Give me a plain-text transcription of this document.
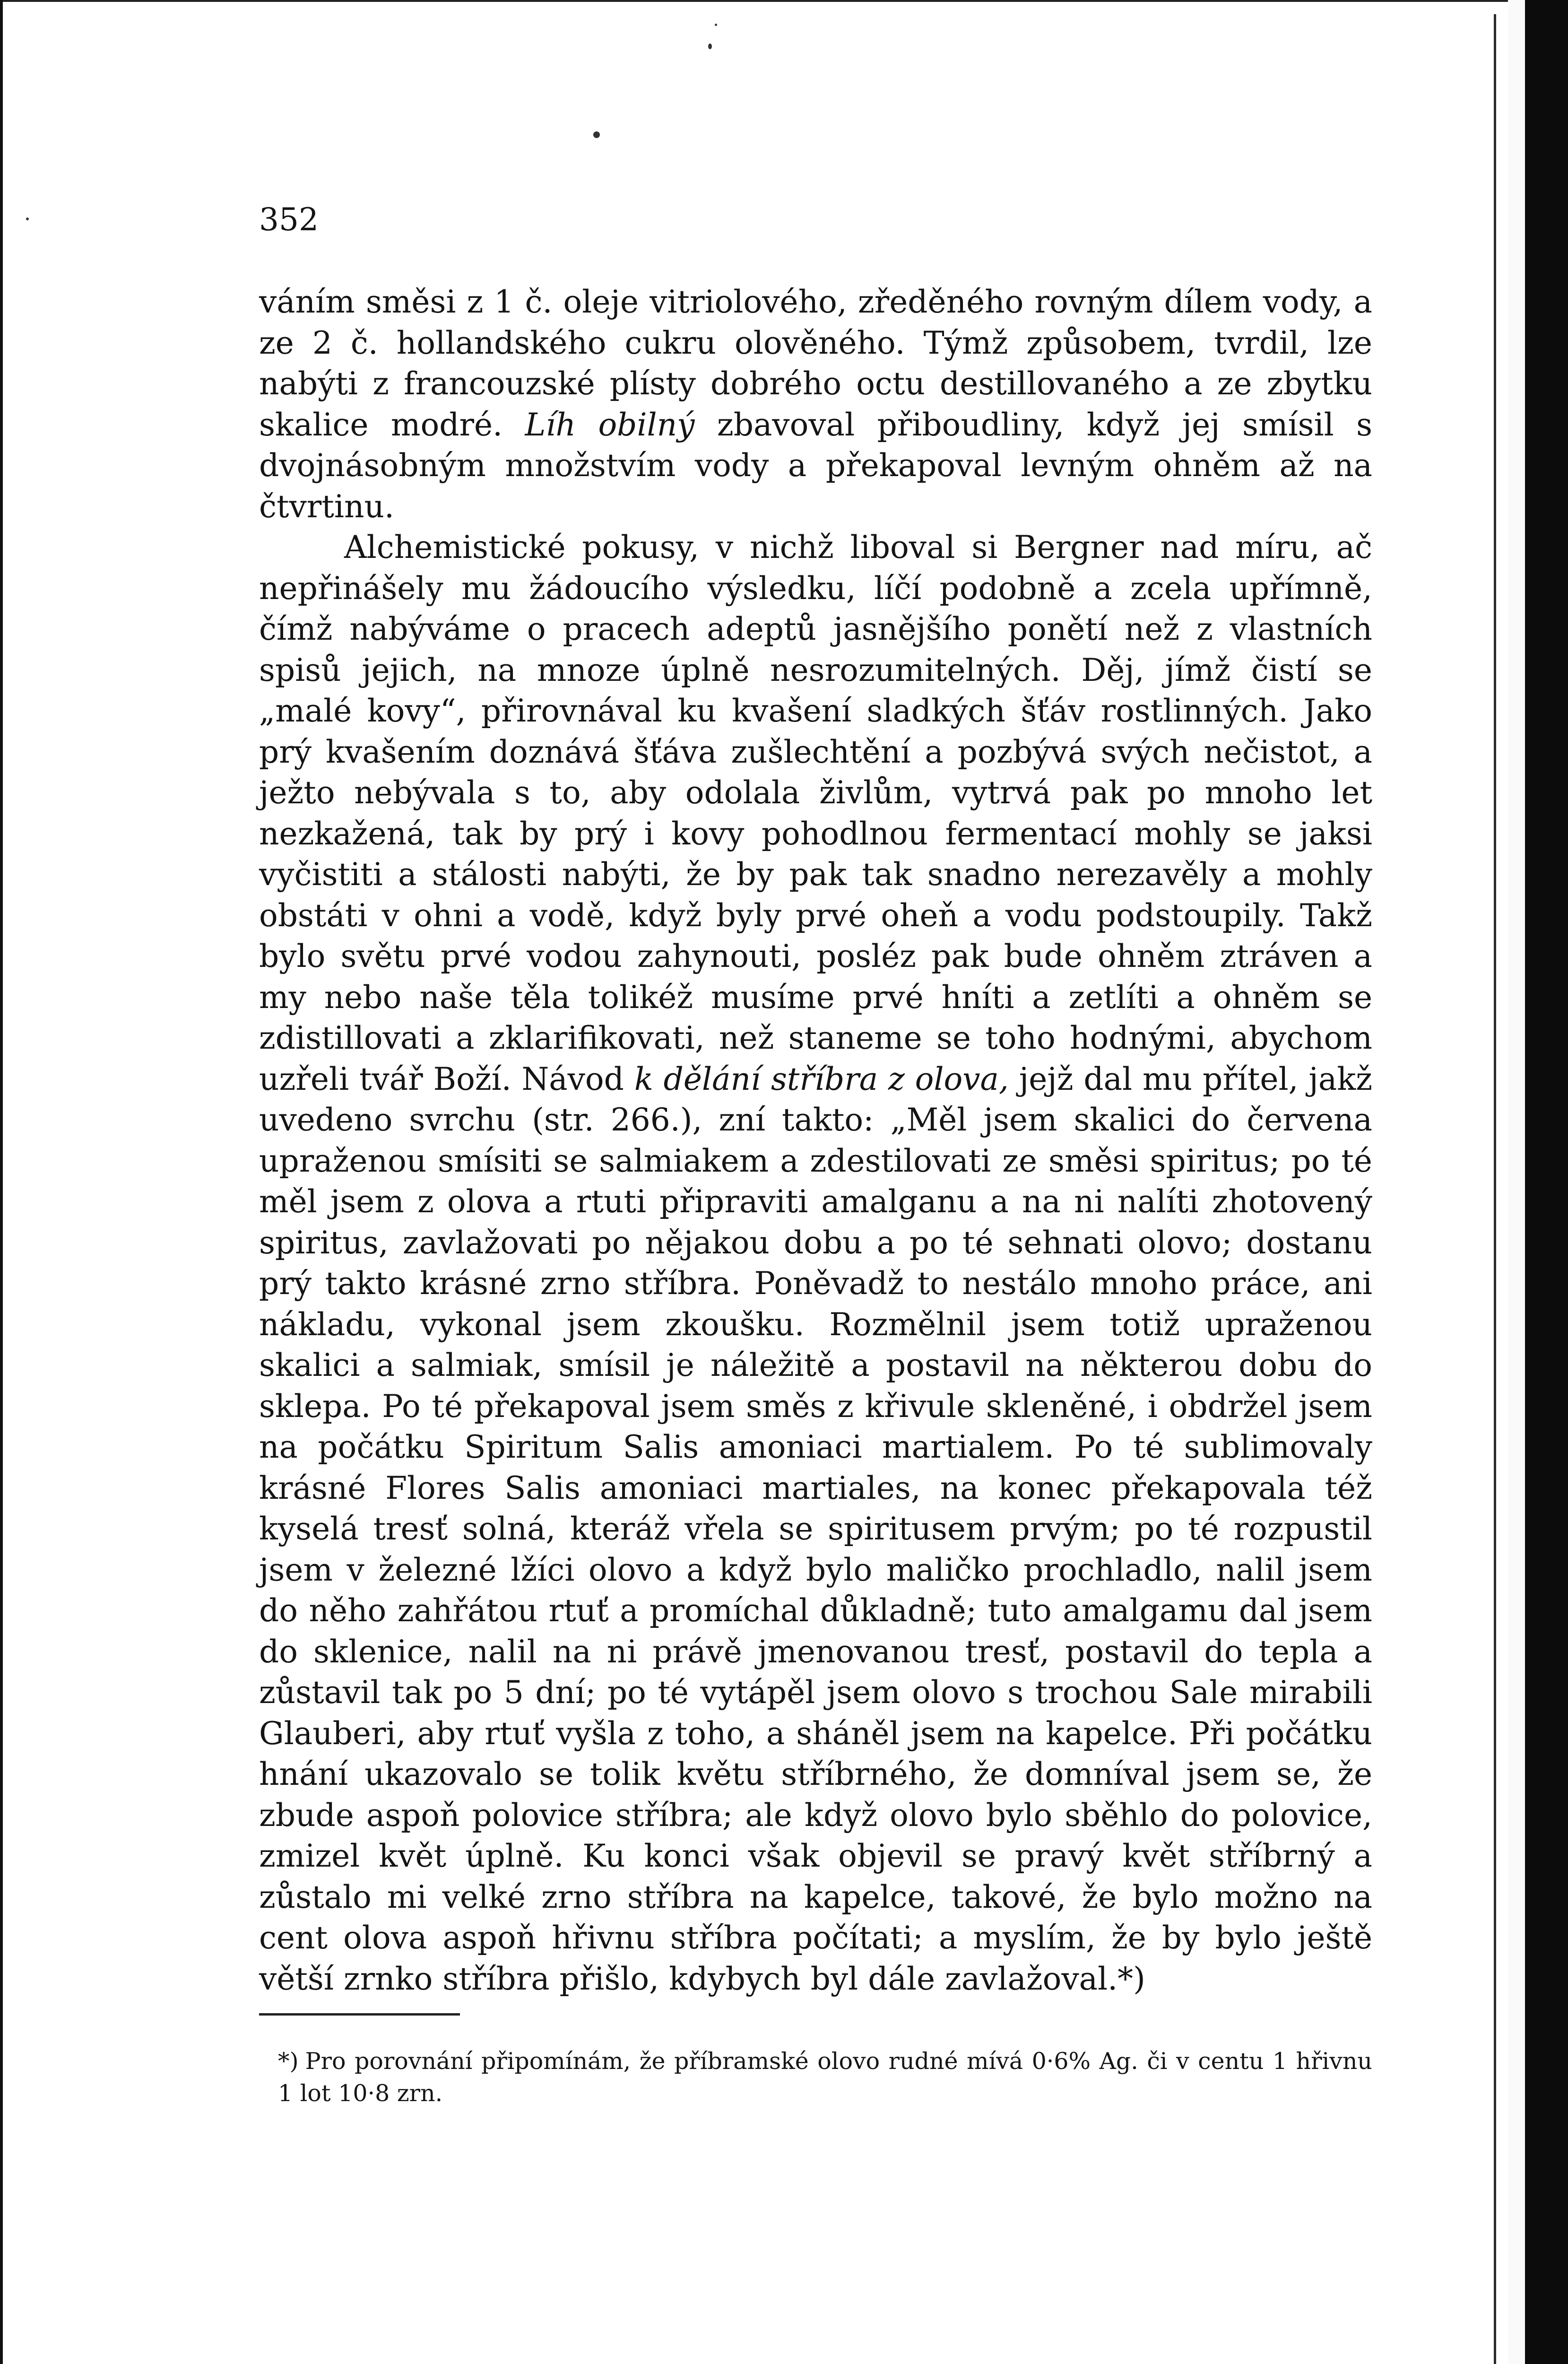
352

váním směsi z 1 č. oleje vitriolového, zředěného rovným dílem vody, a ze 2 č. hollandského cukru olověného. Týmž způsobem, tvrdil, lze nabýti z francouzské plísty dobrého octu destillovaného a ze zbytku skalice modré. Líh obilný zbavoval přiboudliny, když jej smísil s dvojnásobným množstvím vody a překapoval levným ohněm až na čtvrtinu.

Alchemistické pokusy, v nichž liboval si Bergner nad míru, ač nepřinášely mu žádoucího výsledku, líčí podobně a zcela upřímně, čímž nabýváme o pracech adeptů jasnějšího ponětí než z vlastních spisů jejich, na mnoze úplně nesrozumitelných. Děj, jímž čistí se „malé kovy“, přirovnával ku kvašení sladkých šťáv rostlinných. Jako prý kvašením doznává šťáva zušlechtění a pozbývá svých nečistot, a ježto nebývala s to, aby odolala živlům, vytrvá pak po mnoho let nezkažená, tak by prý i kovy pohodlnou fermentací mohly se jaksi vyčistiti a stálosti nabýti, že by pak tak snadno nerezavěly a mohly obstáti v ohni a vodě, když byly prvé oheň a vodu podstoupily. Takž bylo světu prvé vodou zahynouti, posléz pak bude ohněm ztráven a my nebo naše těla tolikéž musíme prvé hníti a zetlíti a ohněm se zdistillovati a zklarifikovati, než staneme se toho hodnými, abychom uzřeli tvář Boží. Návod k dělání stříbra z olova, jejž dal mu přítel, jakž uvedeno svrchu (str. 266.), zní takto: „Měl jsem skalici do červena upraženou smísiti se salmiakem a zdestilovati ze směsi spiritus; po té měl jsem z olova a rtuti připraviti amalganu a na ni nalíti zhotovený spiritus, zavlažovati po nějakou dobu a po té sehnati olovo; dostanu prý takto krásné zrno stříbra. Poněvadž to nestálo mnoho práce, ani nákladu, vykonal jsem zkoušku. Rozmělnil jsem totiž upraženou skalici a salmiak, smísil je náležitě a postavil na některou dobu do sklepa. Po té překapoval jsem směs z křivule skleněné, i obdržel jsem na počátku Spiritum Salis amoniaci martialem. Po té sublimovaly krásné Flores Salis amoniaci martiales, na konec překapovala též kyselá tresť solná, kteráž vřela se spiritusem prvým; po té rozpustil jsem v železné lžíci olovo a když bylo maličko prochladlo, nalil jsem do něho zahřátou rtuť a promíchal důkladně; tuto amalgamu dal jsem do sklenice, nalil na ni právě jmenovanou tresť, postavil do tepla a zůstavil tak po 5 dní; po té vytápěl jsem olovo s trochou Sale mirabili Glauberi, aby rtuť vyšla z toho, a sháněl jsem na kapelce. Při počátku hnání ukazovalo se tolik květu stříbrného, že domníval jsem se, že zbude aspoň polovice stříbra; ale když olovo bylo sběhlo do polovice, zmizel květ úplně. Ku konci však objevil se pravý květ stříbrný a zůstalo mi velké zrno stříbra na kapelce, takové, že bylo možno na cent olova aspoň hřivnu stříbra počítati; a myslím, že by bylo ještě větší zrnko stříbra přišlo, kdybych byl dále zavlažoval.*)

*) Pro porovnání připomínám, že příbramské olovo rudné mívá 0·6% Ag. či v centu 1 hřivnu 1 lot 10·8 zrn.
